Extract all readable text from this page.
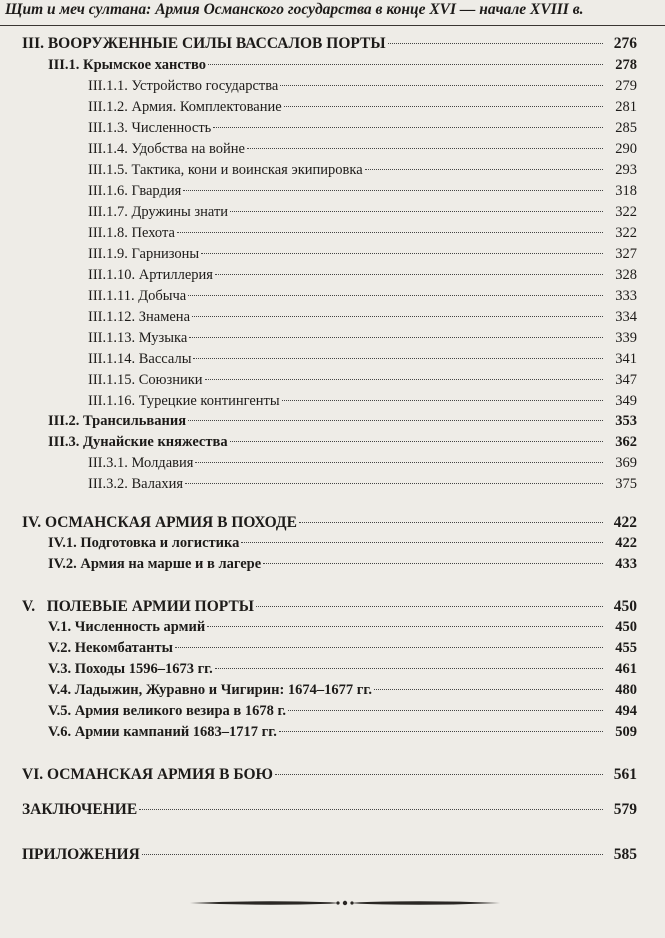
Щит и меч султана: Армия Османского государства в конце XVI — начале XVIII в.
III. ВООРУЖЕННЫЕ СИЛЫ ВАССАЛОВ ПОРТЫ	276
III.1. Крымское ханство	278
III.1.1. Устройство государства	279
III.1.2. Армия. Комплектование	281
III.1.3. Численность	285
III.1.4. Удобства на войне	290
III.1.5. Тактика, кони и воинская экипировка	293
III.1.6. Гвардия	318
III.1.7. Дружины знати	322
III.1.8. Пехота	322
III.1.9. Гарнизоны	327
III.1.10. Артиллерия	328
III.1.11. Добыча	333
III.1.12. Знамена	334
III.1.13. Музыка	339
III.1.14. Вассалы	341
III.1.15. Союзники	347
III.1.16. Турецкие контингенты	349
III.2. Трансильвания	353
III.3. Дунайские княжества	362
III.3.1. Молдавия	369
III.3.2. Валахия	375
IV. ОСМАНСКАЯ АРМИЯ В ПОХОДЕ	422
IV.1. Подготовка и логистика	422
IV.2. Армия на марше и в лагере	433
V.   ПОЛЕВЫЕ АРМИИ ПОРТЫ	450
V.1. Численность армий	450
V.2. Некомбатанты	455
V.3. Походы 1596–1673 гг.	461
V.4. Ладыжин, Журавно и Чигирин: 1674–1677 гг.	480
V.5. Армия великого везира в 1678 г.	494
V.6. Армии кампаний 1683–1717 гг.	509
VI. ОСМАНСКАЯ АРМИЯ В БОЮ	561
ЗАКЛЮЧЕНИЕ	579
ПРИЛОЖЕНИЯ	585
